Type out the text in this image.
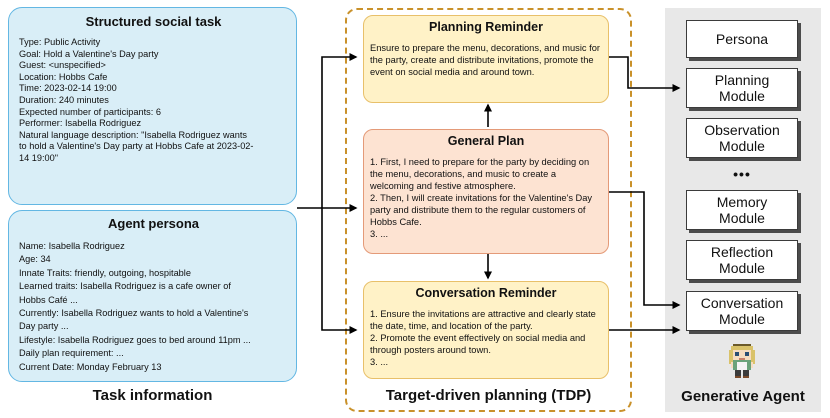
Structured social task
Type: Public Activity
Goal: Hold a Valentine's Day party
Guest: <unspecified>
Location: Hobbs Cafe
Time: 2023-02-14 19:00
Duration: 240 minutes
Expected number of participants: 6
Performer: Isabella Rodriguez
Natural language description: "Isabella Rodriguez wants
to hold a Valentine's Day party at Hobbs Cafe at 2023-02-
14 19:00"
Agent persona
Name: Isabella Rodriguez
Age: 34
Innate Traits: friendly, outgoing, hospitable
Learned traits: Isabella Rodriguez is a cafe owner of
Hobbs Café ...
Currently: Isabella Rodriguez wants to hold a Valentine's
Day party ...
Lifestyle: Isabella Rodriguez goes to bed around 11pm ...
Daily plan requirement: ...
Current Date: Monday February 13
Task information
Planning Reminder
Ensure to prepare the menu, decorations, and music for the party, create and distribute invitations, promote the event on social media and around town.
General Plan
1. First, I need to prepare for the party by deciding on the menu, decorations, and music to create a welcoming and festive atmosphere.
2. Then, I will create invitations for the Valentine's Day party and distribute them to the regular customers of Hobbs Cafe.
3. ...
Conversation Reminder
1. Ensure the invitations are attractive and clearly state the date, time, and location of the party.
2. Promote the event effectively on social media and through posters around town.
3. ...
Target-driven planning (TDP)
Persona
Planning
Module
Observation
Module
•••
Memory
Module
Reflection
Module
Conversation
Module
Generative Agent
